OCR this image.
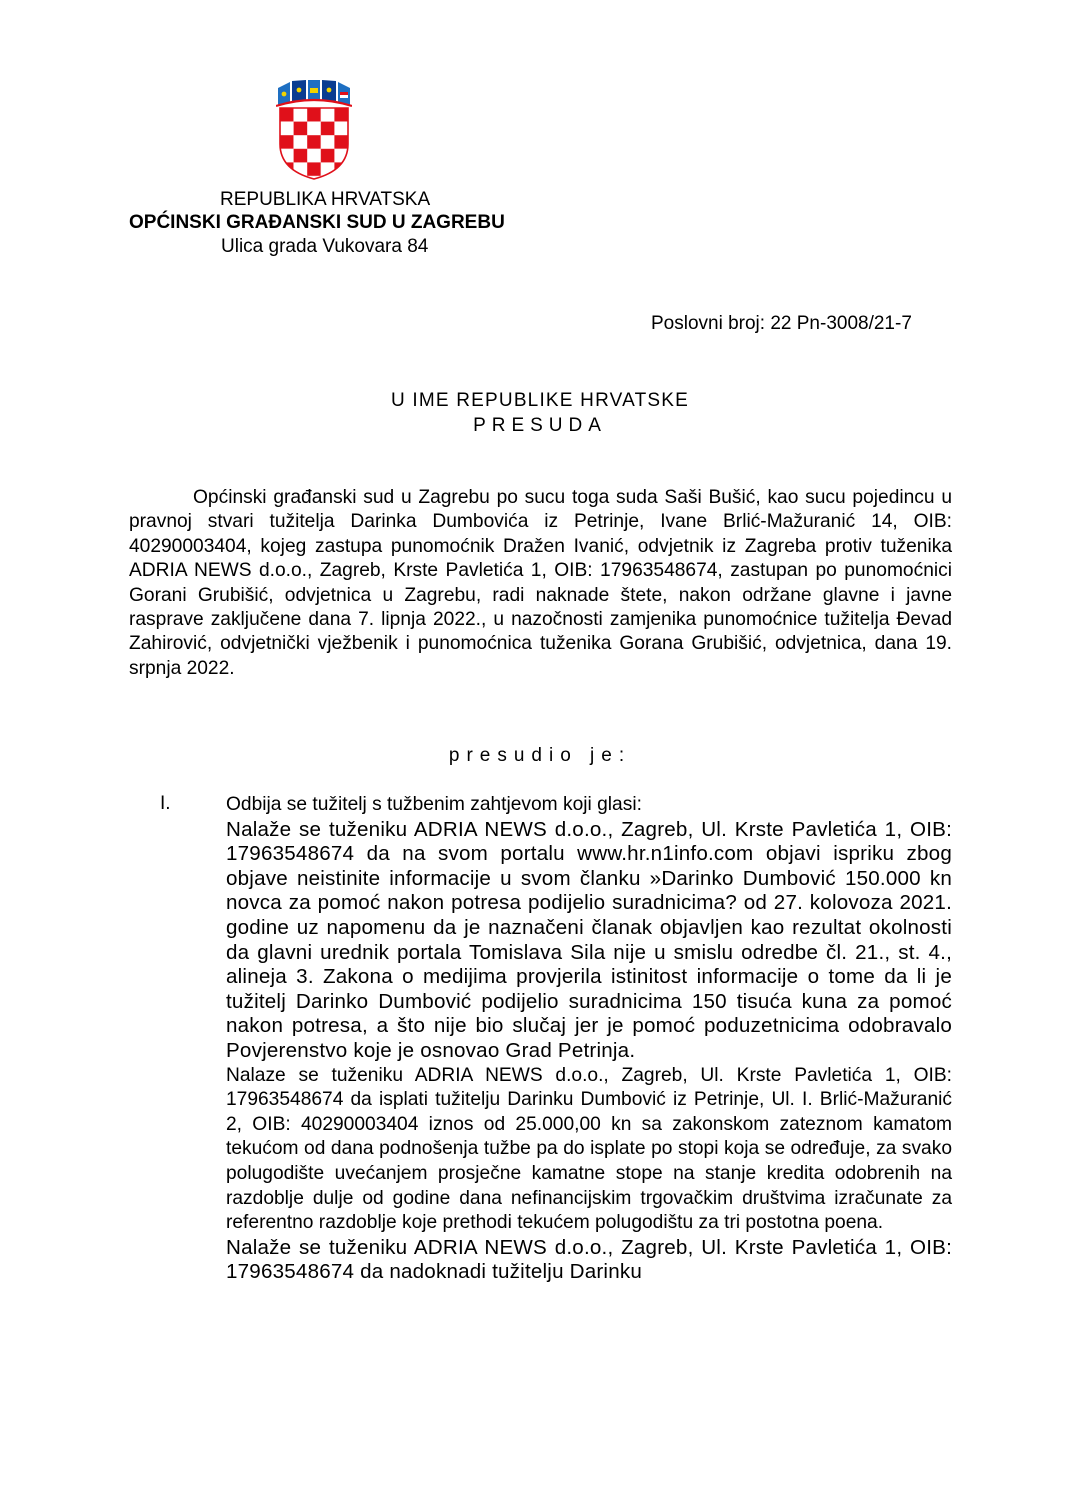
REPUBLIKA HRVATSKA
OPĆINSKI GRAĐANSKI SUD U ZAGREBU
Ulica grada Vukovara 84
Poslovni broj: 22 Pn-3008/21-7
U IME REPUBLIKE HRVATSKE
PRESUDA
Općinski građanski sud u Zagrebu po sucu toga suda Saši Bušić, kao sucu pojedincu u pravnoj stvari tužitelja Darinka Dumbovića iz Petrinje, Ivane Brlić-Mažuranić 14, OIB: 40290003404, kojeg zastupa punomoćnik Dražen Ivanić, odvjetnik iz Zagreba protiv tuženika ADRIA NEWS d.o.o., Zagreb, Krste Pavletića 1, OIB: 17963548674, zastupan po punomoćnici Gorani Grubišić, odvjetnica u Zagrebu, radi naknade štete, nakon održane glavne i javne rasprave zaključene dana 7. lipnja 2022., u nazočnosti zamjenika punomoćnice tužitelja Đevad Zahirović, odvjetnički vježbenik i punomoćnica tuženika Gorana Grubišić, odvjetnica, dana 19. srpnja 2022.
presudio je:
I.	Odbija se tužitelj s tužbenim zahtjevom koji glasi:

Nalaže se tuženiku ADRIA NEWS d.o.o., Zagreb, Ul. Krste Pavletića 1, OIB: 17963548674 da na svom portalu www.hr.n1info.com objavi ispriku zbog objave neistinite informacije u svom članku »Darinko Dumbović 150.000 kn novca za pomoć nakon potresa podijelio suradnicima? od 27. kolovoza 2021. godine uz napomenu da je naznačeni članak objavljen kao rezultat okolnosti da glavni urednik portala Tomislava Sila nije u smislu odredbe čl. 21., st. 4., alineja 3. Zakona o medijima provjerila istinitost informacije o tome da li je tužitelj Darinko Dumbović podijelio suradnicima 150 tisuća kuna za pomoć nakon potresa, a što nije bio slučaj jer je pomoć poduzetnicima odobravalo Povjerenstvo koje je osnovao Grad Petrinja.

Nalaze se tuženiku ADRIA NEWS d.o.o., Zagreb, Ul. Krste Pavletića 1, OIB: 17963548674 da isplati tužitelju Darinku Dumbović iz Petrinje, Ul. I. Brlić-Mažuranić 2, OIB: 40290003404 iznos od 25.000,00 kn sa zakonskom zateznom kamatom tekućom od dana podnošenja tužbe pa do isplate po stopi koja se određuje, za svako polugodište uvećanjem prosječne kamatne stope na stanje kredita odobrenih na razdoblje dulje od godine dana nefinancijskim trgovačkim društvima izračunate za referentno razdoblje koje prethodi tekućem polugodištu za tri postotna poena.

Nalaže se tuženiku ADRIA NEWS d.o.o., Zagreb, Ul. Krste Pavletića 1, OIB: 17963548674 da nadoknadi tužitelju Darinku
